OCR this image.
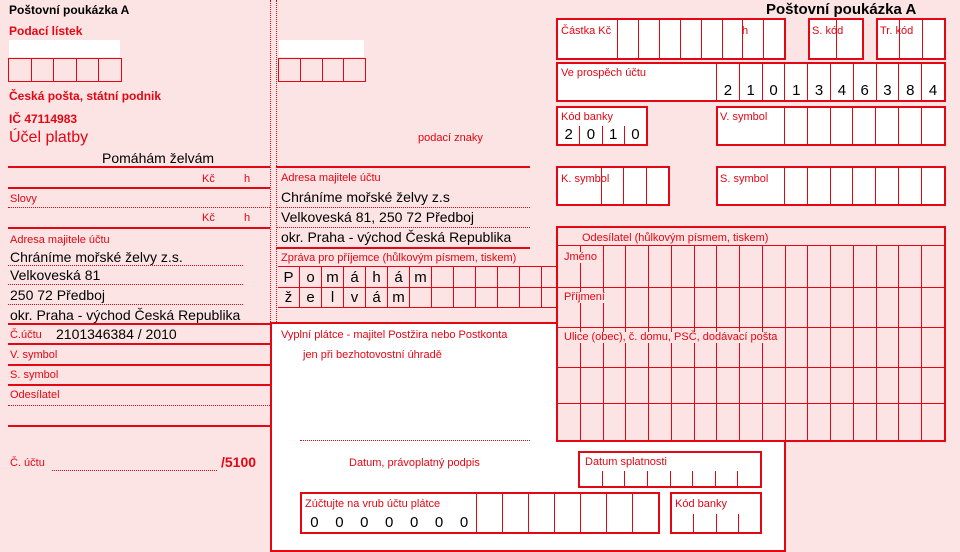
Poštovní poukázka A
Podací lístek
Česká pošta, státní podnik
IČ 47114983
Účel platby
Pomáhám želvám
Kč	h
Slovy
Kč	h
Adresa majitele účtu
Chráníme mořské želvy z.s.
Velkoveská 81
250 72 Předboj
okr. Praha - východ Česká Republika
Č.účtu 2101346384 / 2010
V. symbol
S. symbol
Odesílatel
Č. účtu	/5100
podací znaky
Adresa majitele účtu
Chráníme mořské želvy z.s
Velkoveská 81, 250 72 Předboj
okr. Praha - východ Česká Republika
Zpráva pro příjemce (hůlkovým písmem, tiskem)
P o m á h á m
ž e	l	v á m
Vyplní plátce - majitel Postžira nebo Postkonta
jen při bezhotovostní úhradě
Datum, právoplatný podpis	Datum splatnosti
Zúčtujte na vrub účtu plátce
0	0	0	0	0	0	0
Kód banky
Poštovní poukázka A
Částka Kč	h	S. kód	Tr. kód
Ve prospěch účtu
2 1 0 1 3 4 6 3 8 4
Kód banky
2 0 1 0
V. symbol
K. symbol	S. symbol
Odesílatel (hůlkovým písmem, tiskem)
Jméno
Příjmení
Ulice (obec), č. domu, PSČ, dodávací pošta
